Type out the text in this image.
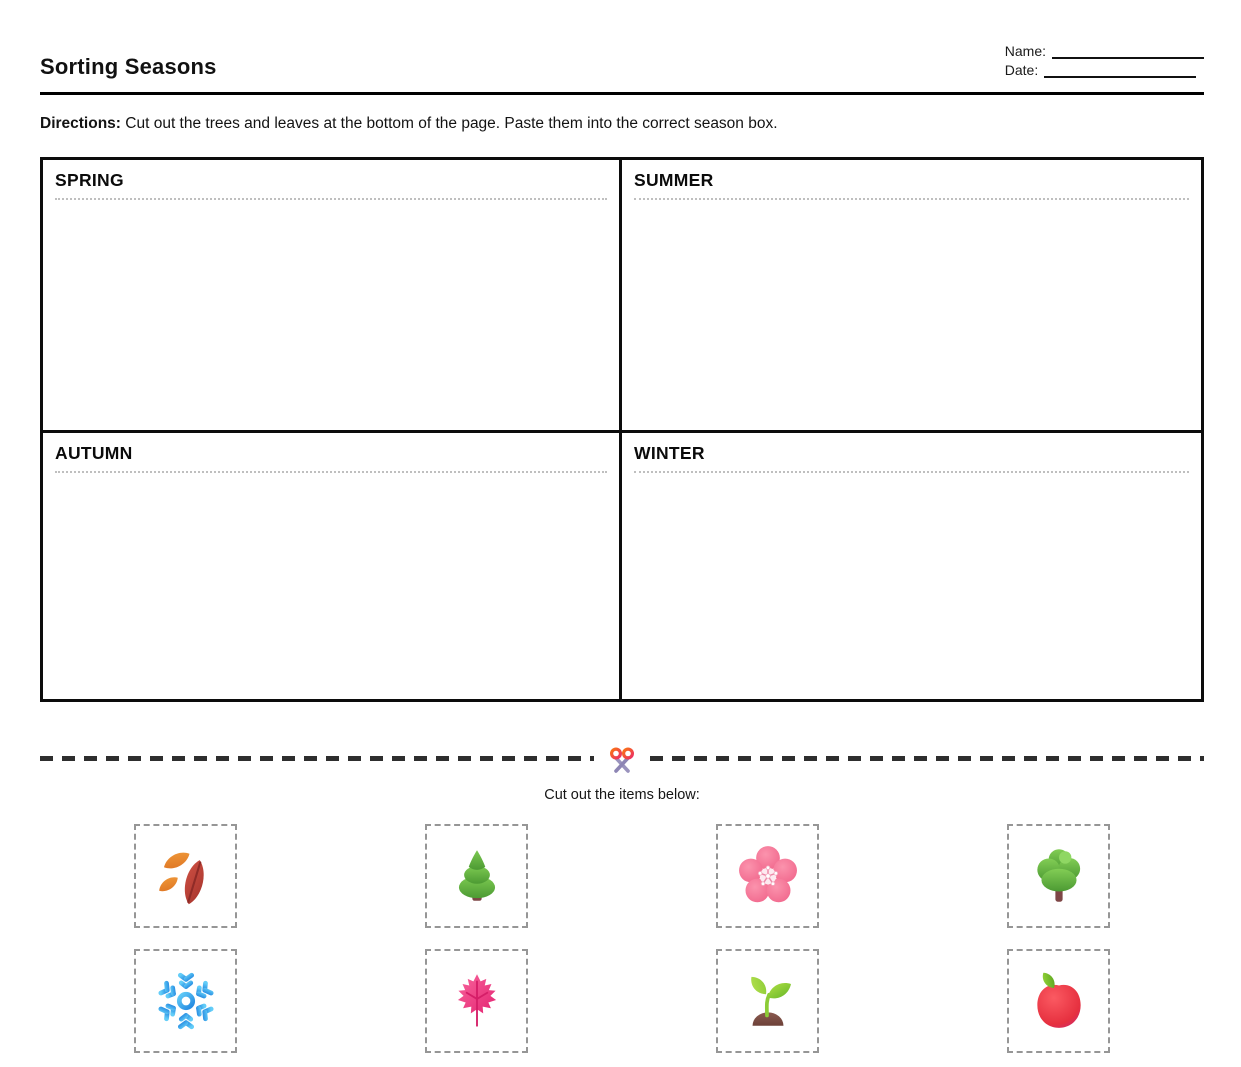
Sorting Seasons
Name:
Date:
Directions: Cut out the trees and leaves at the bottom of the page. Paste them into the correct season box.
SPRING	SUMMER
AUTUMN	WINTER
Cut out the items below:
